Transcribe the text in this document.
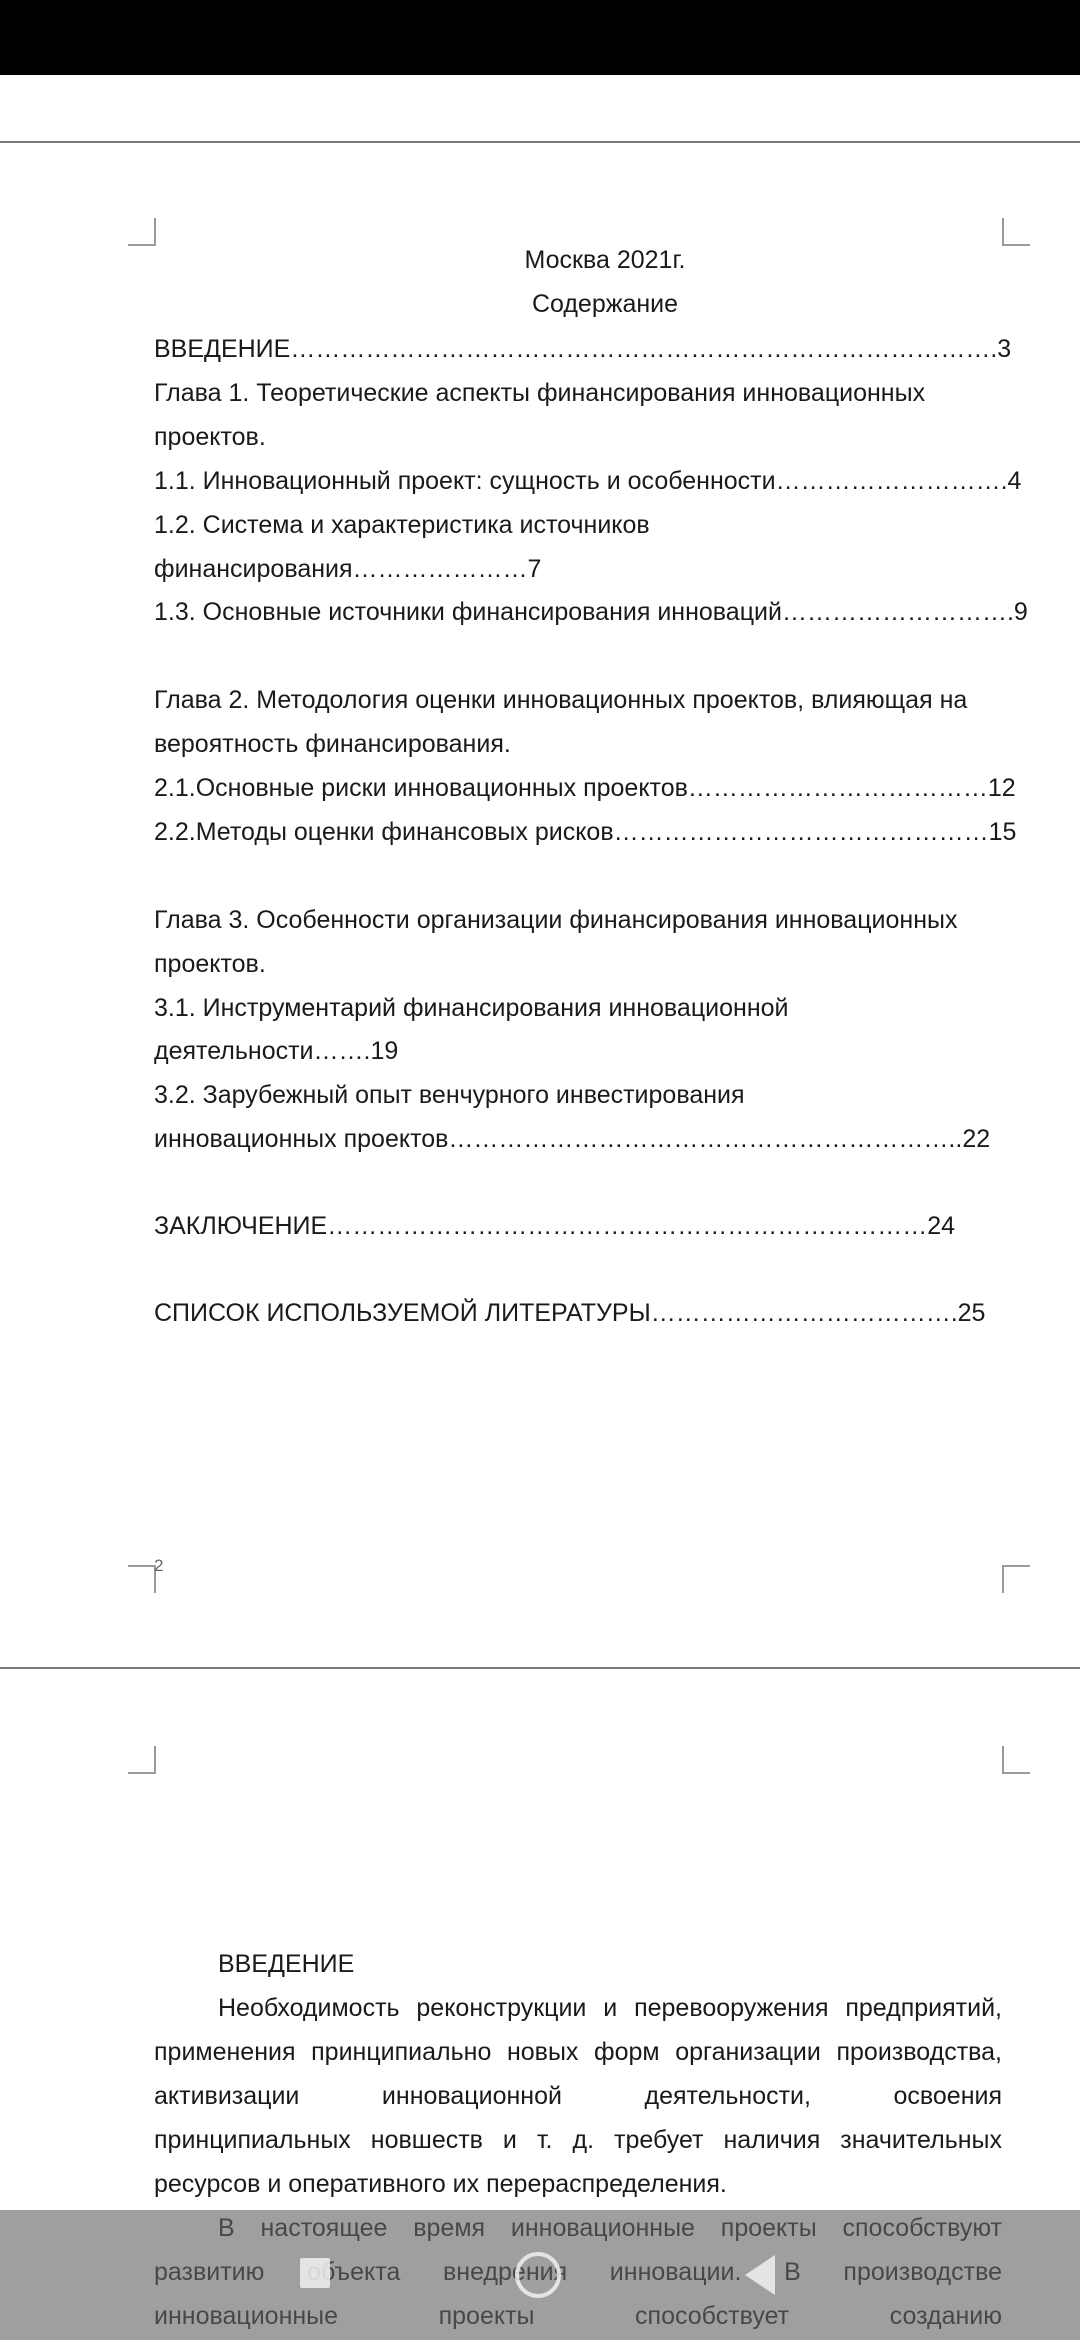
Москва 2021г.
Содержание
ВВЕДЕНИЕ………………………………………………………………………….3
Глава 1. Теоретические аспекты финансирования инновационных
проектов.
1.1. Инновационный проект: сущность и особенности……………………….4
1.2. Система и характеристика источников
финансирования…………………7
1.3. Основные источники финансирования инноваций……………………….9
Глава 2. Методология оценки инновационных проектов, влияющая на
вероятность финансирования.
2.1.Основные риски инновационных проектов………………………………12
2.2.Методы оценки финансовых рисков………………………………………15
Глава 3. Особенности организации финансирования инновационных
проектов.
3.1. Инструментарий финансирования инновационной
деятельности…….19
3.2. Зарубежный опыт венчурного инвестирования
инновационных проектов……………………………………………………..22
ЗАКЛЮЧЕНИЕ………………………………………………………………24
СПИСОК ИСПОЛЬЗУЕМОЙ ЛИТЕРАТУРЫ……………………………….25
2
ВВЕДЕНИЕ
Необходимость реконструкции и перевооружения предприятий,
применения принципиально новых форм организации производства,
активизации инновационной деятельности, освоения
принципиальных новшеств и т. д. требует наличия значительных
ресурсов и оперативного их перераспределения.
